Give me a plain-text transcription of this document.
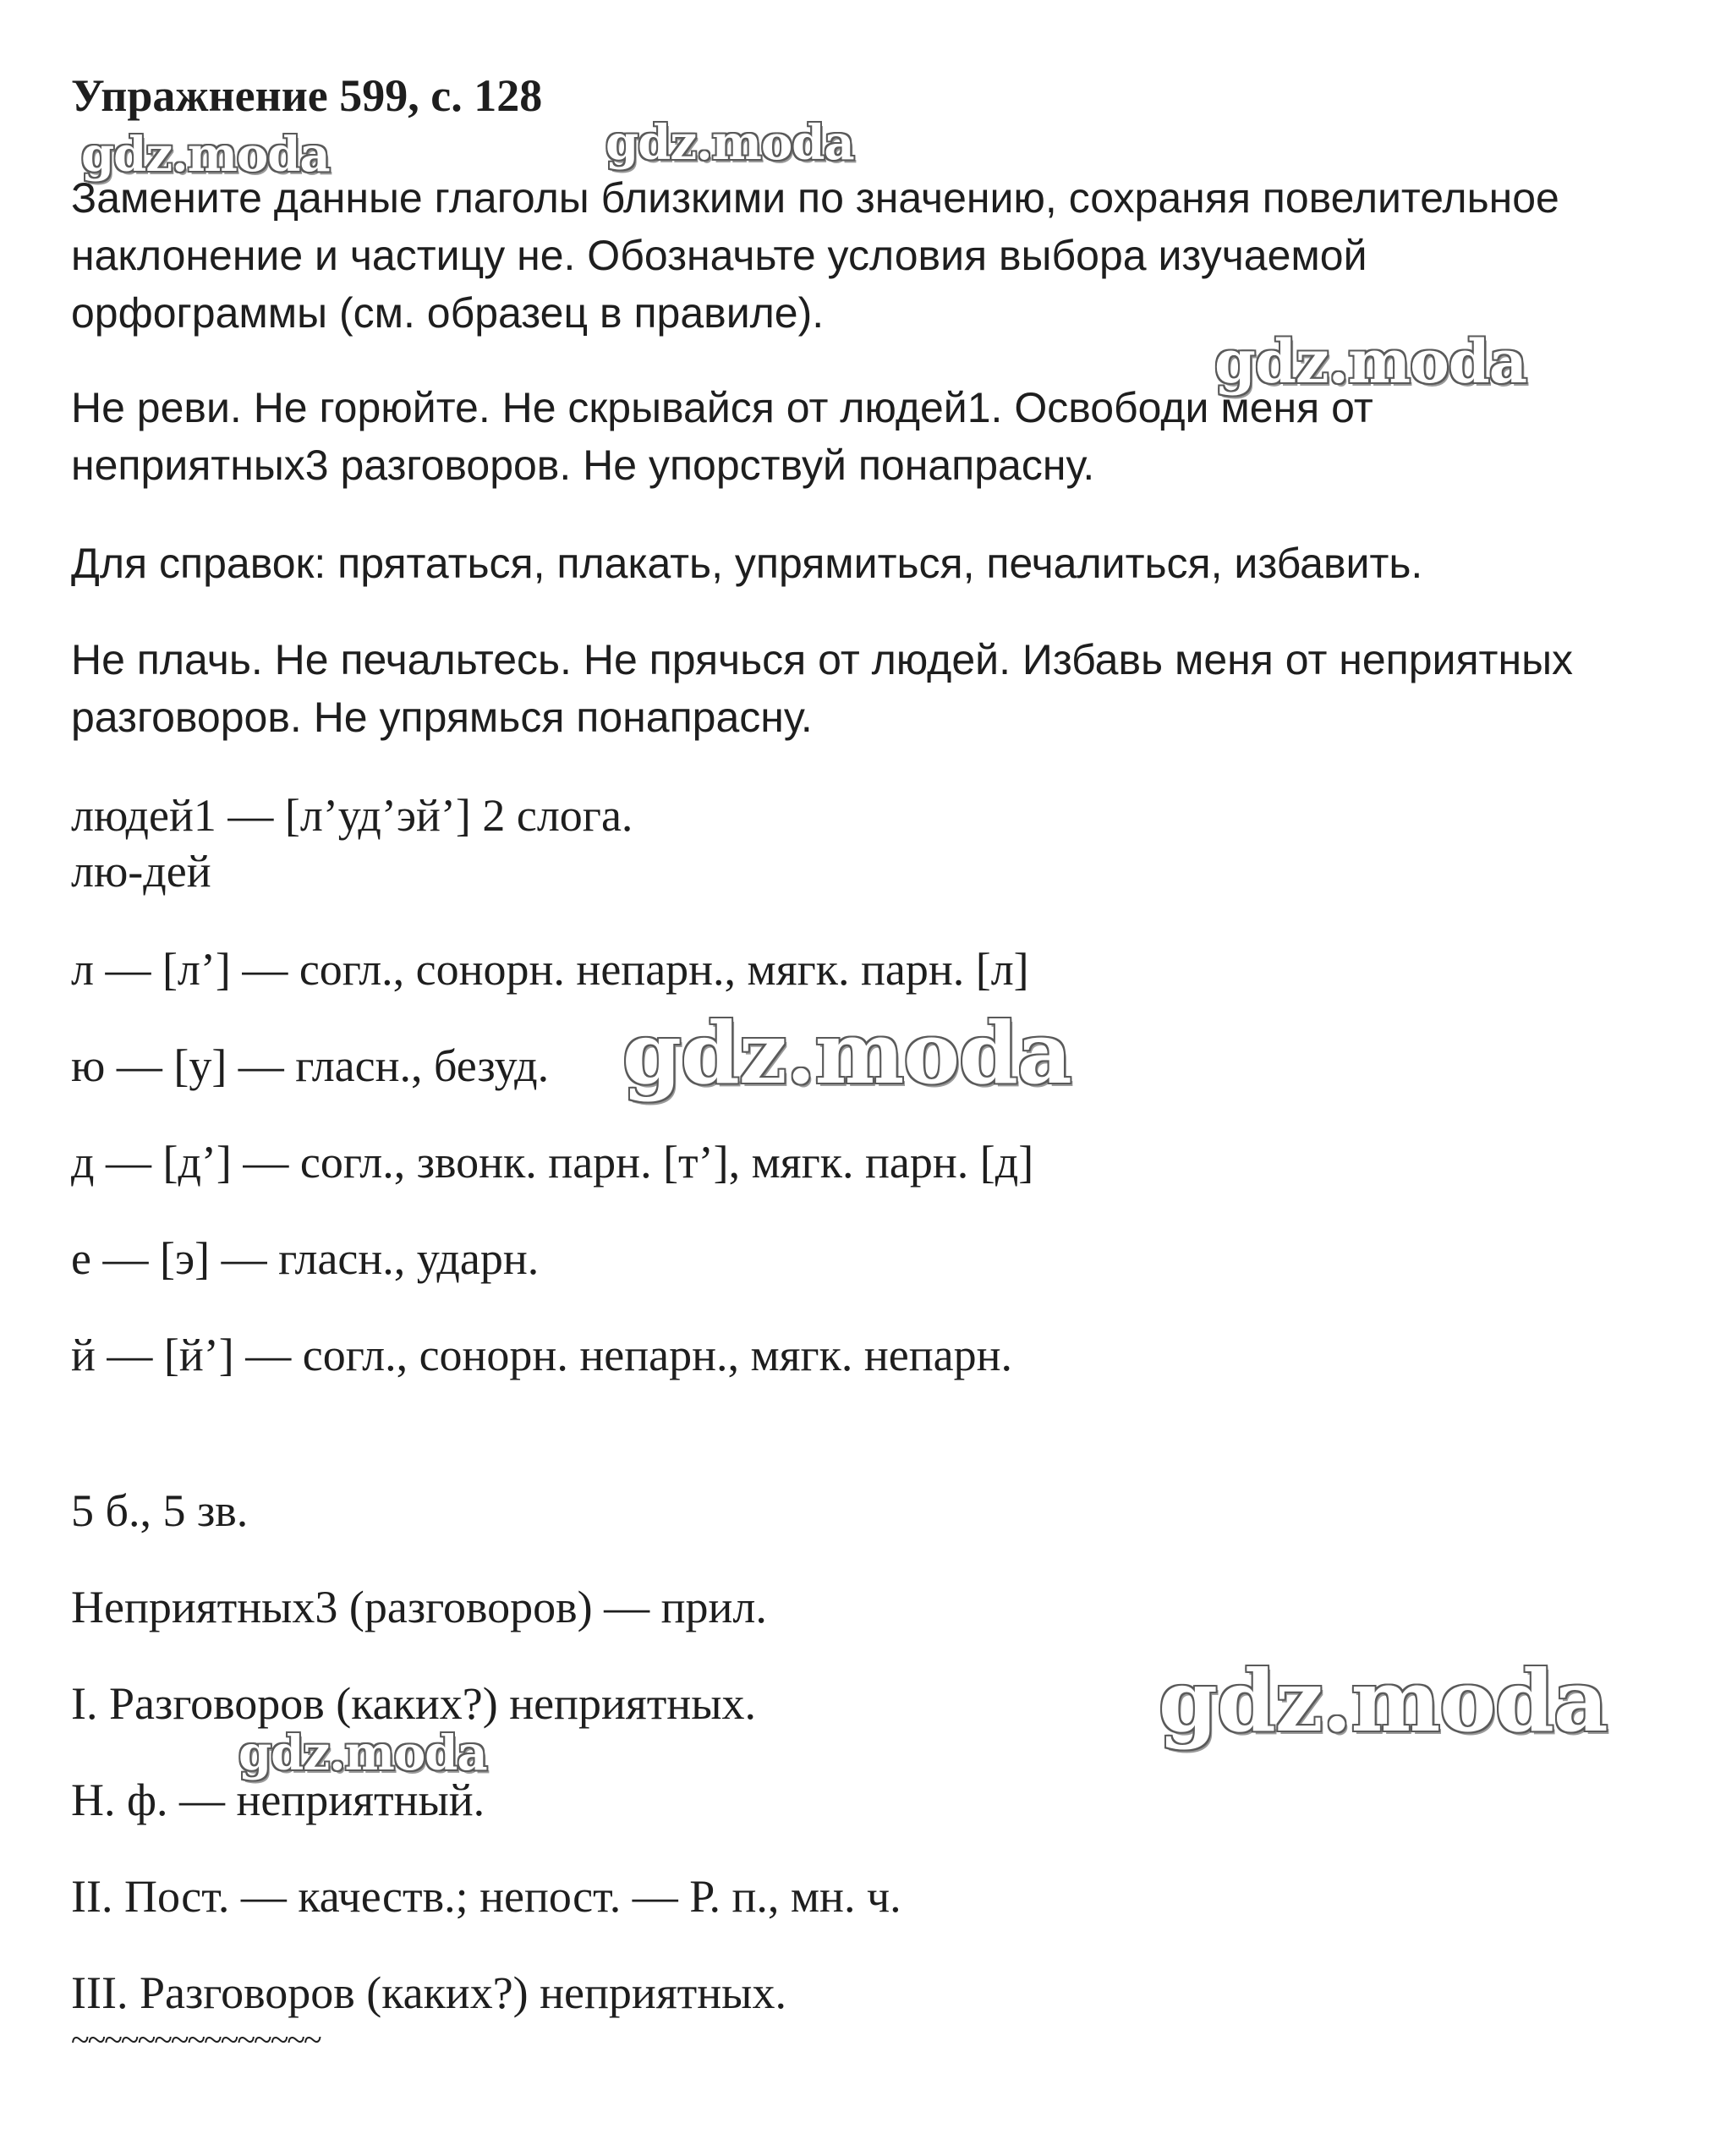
Упражнение 599, с. 128
Замените данные глаголы близкими по значению, сохраняя повелительное
наклонение и частицу не. Обозначьте условия выбора изучаемой
орфограммы (см. образец в правиле).
Не реви. Не горюйте. Не скрывайся от людей1. Освободи меня от
неприятных3 разговоров. Не упорствуй понапрасну.
Для справок: прятаться, плакать, упрямиться, печалиться, избавить.
Не плачь. Не печальтесь. Не прячься от людей. Избавь меня от неприятных
разговоров. Не упрямься понапрасну.
людей1 — [л’уд’эй’] 2 слога.
лю-дей
л — [л’] — согл., сонорн. непарн., мягк. парн. [л]
ю — [у] — гласн., безуд.
д — [д’] — согл., звонк. парн. [т’], мягк. парн. [д]
е — [э] — гласн., ударн.
й — [й’] — согл., сонорн. непарн., мягк. непарн.
5 б., 5 зв.
Неприятных3 (разговоров) — прил.
I. Разговоров (каких?) неприятных.
Н. ф. — неприятный.
II. Пост. — качеств.; непост. — Р. п., мн. ч.
III. Разговоров (каких?) неприятных.
~~~~~~~~~~~~~~~
gdz.moda	gdz.moda
gdz.moda
gdz.moda
gdz.moda
gdz.moda
